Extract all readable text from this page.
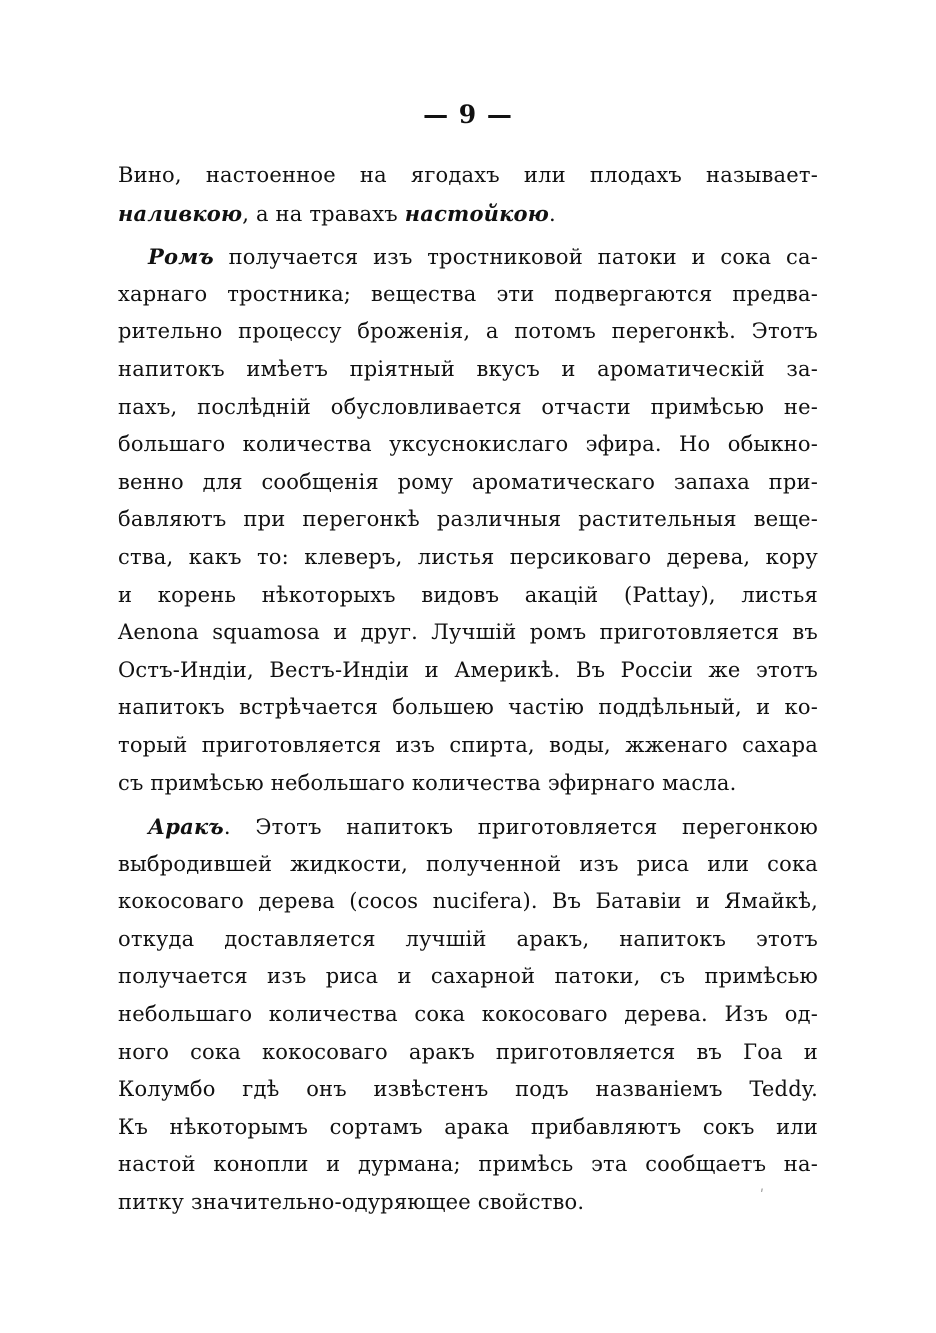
— 9 —
Вино, настоенное на ягодахъ или плодахъ называет-
наливкою, а на травахъ настойкою.
Ромъ получается изъ тростниковой патоки и сока са-
харнаго тростника; вещества эти подвергаются предва-
рительно процессу броженія, а потомъ перегонкѣ. Этотъ
напитокъ имѣетъ пріятный вкусъ и ароматическій за-
пахъ, послѣдній обусловливается отчасти примѣсью не-
большаго количества уксуснокислаго эфира. Но обыкно-
венно для сообщенія рому ароматическаго запаха при-
бавляютъ при перегонкѣ различныя растительныя веще-
ства, какъ то: клеверъ, листья персиковаго дерева, кору
и корень нѣкоторыхъ видовъ акацій (Pattay), листья
Aenona squamosa и друг. Лучшій ромъ приготовляется въ
Остъ-Индіи, Вестъ-Индіи и Америкѣ. Въ Россіи же этотъ
напитокъ встрѣчается большею частію поддѣльный, и ко-
торый приготовляется изъ спирта, воды, жженаго сахара
съ примѣсью небольшаго количества эфирнаго масла.
Аракъ. Этотъ напитокъ приготовляется перегонкою
выбродившей жидкости, полученной изъ риса или сока
кокосоваго дерева (cocos nucifera). Въ Батавіи и Ямайкѣ,
откуда доставляется лучшій аракъ, напитокъ этотъ
получается изъ риса и сахарной патоки, съ примѣсью
небольшаго количества сока кокосоваго дерева. Изъ од-
ного сока кокосоваго аракъ приготовляется въ Гоа и
Колумбо гдѣ онъ извѣстенъ подъ названіемъ Teddy.
Къ нѣкоторымъ сортамъ арака прибавляютъ сокъ или
настой конопли и дурмана; примѣсь эта сообщаетъ на-
питку значительно-одуряющее свойство.	ʹ
